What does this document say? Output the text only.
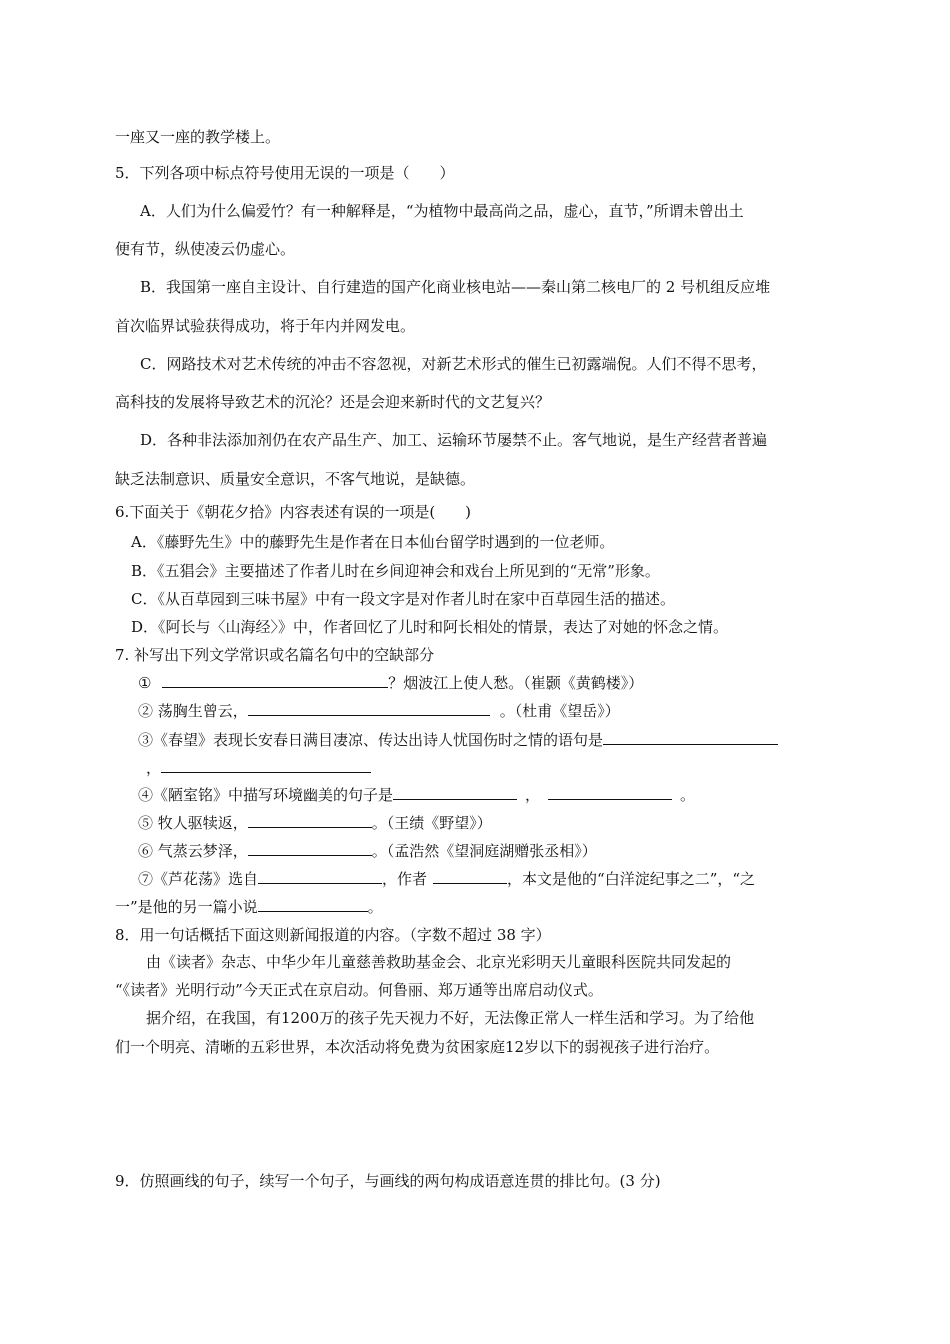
一座又一座的教学楼上。
5．下列各项中标点符号使用无误的一项是（　　）
A．人们为什么偏爱竹？有一种解释是，“为植物中最高尚之品，虚心，直节，”所谓未曾出土
便有节，纵使凌云仍虚心。
B．我国第一座自主设计、自行建造的国产化商业核电站——秦山第二核电厂的 2 号机组反应堆
首次临界试验获得成功，将于年内并网发电。
C．网路技术对艺术传统的冲击不容忽视，对新艺术形式的催生已初露端倪。人们不得不思考，
高科技的发展将导致艺术的沉沦？还是会迎来新时代的文艺复兴？
D．各种非法添加剂仍在农产品生产、加工、运输环节屡禁不止。客气地说，是生产经营者普遍
缺乏法制意识、质量安全意识，不客气地说，是缺德。
6.下面关于《朝花夕拾》内容表述有误的一项是(　　)
A．《藤野先生》中的藤野先生是作者在日本仙台留学时遇到的一位老师。
B．《五猖会》主要描述了作者儿时在乡间迎神会和戏台上所见到的“无常”形象。
C．《从百草园到三味书屋》中有一段文字是对作者儿时在家中百草园生活的描述。
D．《阿长与〈山海经〉》中，作者回忆了儿时和阿长相处的情景，表达了对她的怀念之情。
7. 补写出下列文学常识或名篇名句中的空缺部分
①	？烟波江上使人愁。（崔颢《黄鹤楼》）
② 荡胸生曾云，	。（杜甫《望岳》）
③《春望》表现长安春日满目凄凉、传达出诗人忧国伤时之情的语句是
，
④《陋室铭》中描写环境幽美的句子是	，	。
⑤ 牧人驱犊返，	。（王绩《野望》）
⑥ 气蒸云梦泽，	。（孟浩然《望洞庭湖赠张丞相》）
⑦《芦花荡》选自	，作者	，本文是他的“白洋淀纪事之二”，“之
一”是他的另一篇小说	。
8．用一句话概括下面这则新闻报道的内容。（字数不超过 38 字）
由《读者》杂志、中华少年儿童慈善救助基金会、北京光彩明天儿童眼科医院共同发起的
“《读者》光明行动”今天正式在京启动。何鲁丽、郑万通等出席启动仪式。
据介绍，在我国，有1200万的孩子先天视力不好，无法像正常人一样生活和学习。为了给他
们一个明亮、清晰的五彩世界，本次活动将免费为贫困家庭12岁以下的弱视孩子进行治疗。
9．仿照画线的句子，续写一个句子，与画线的两句构成语意连贯的排比句。(3 分)
